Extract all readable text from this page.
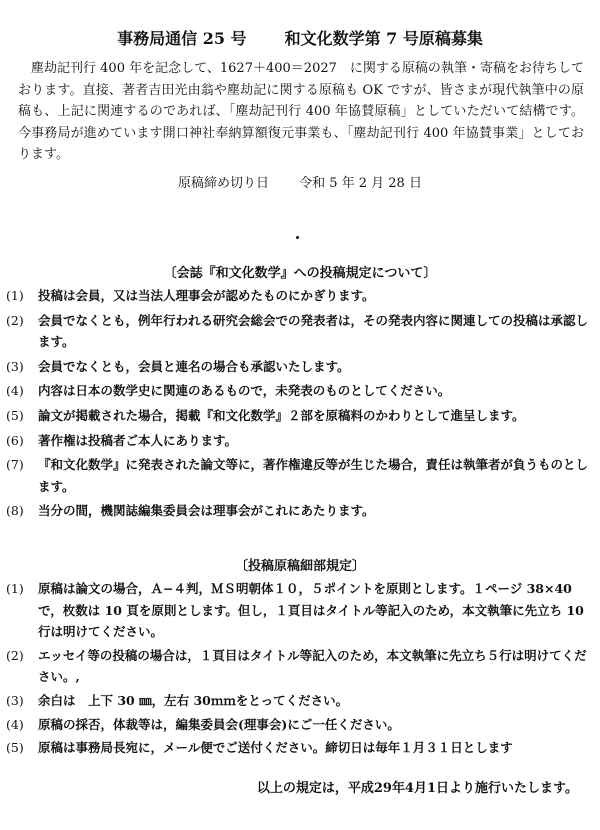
事務局通信 25 号 和文化数学第 7 号原稿募集
塵劫記刊行 400 年を記念して、1627＋400＝2027　に関する原稿の執筆・寄稿をお待ちしております。直接、著者吉田光由翁や塵劫記に関する原稿も OK ですが、皆さまが現代執筆中の原稿も、上記に関連するのであれば、「塵劫記刊行 400 年協賛原稿」としていただいて結構です。今事務局が進めています開口神社奉納算額復元事業も、「塵劫記刊行 400 年協賛事業」としております。
原稿締め切り日 令和 5 年 2 月 28 日
〔会誌『和文化数学』への投稿規定について〕
(1) 投稿は会員，又は当法人理事会が認めたものにかぎります。
(2) 会員でなくとも，例年行われる研究会総会での発表者は，その発表内容に関連しての投稿は承認します。
(3) 会員でなくとも，会員と連名の場合も承認いたします。
(4) 内容は日本の数学史に関連のあるもので，未発表のものとしてください。
(5) 論文が掲載された場合，掲載『和文化数学』２部を原稿料のかわりとして進呈します。
(6) 著作権は投稿者ご本人にあります。
(7) 『和文化数学』に発表された論文等に，著作権違反等が生じた場合，責任は執筆者が負うものとします。
(8) 当分の間，機関誌編集委員会は理事会がこれにあたります。
〔投稿原稿細部規定〕
(1) 原稿は論文の場合，Ａ−４判，ＭＳ明朝体１０，５ポイントを原則とします。１ページ 38×40 で，枚数は 10 頁を原則とします。但し，１頁目はタイトル等記入のため，本文執筆に先立ち 10 行は明けてください。
(2) エッセイ等の投稿の場合は，１頁目はタイトル等記入のため，本文執筆に先立ち５行は明けてください。,
(3) 余白は　上下 30 ㎜，左右 30ｍｍをとってください。
(4) 原稿の採否，体裁等は，編集委員会(理事会)にご一任ください。
(5) 原稿は事務局長宛に，メール便でご送付ください。締切日は毎年１月３１日とします
以上の規定は，平成29年4月1日より施行いたします。
